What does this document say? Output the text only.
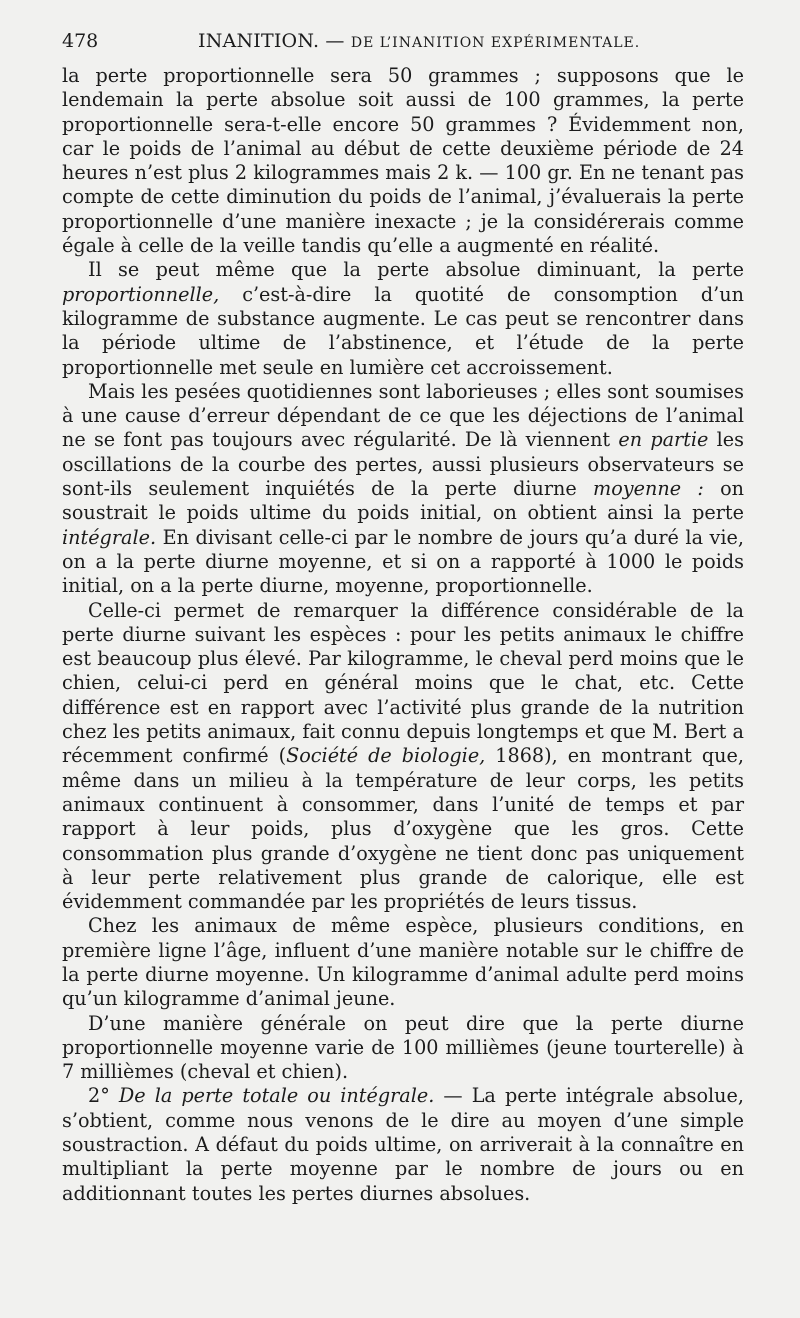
478	INANITION. — DE L’INANITION EXPÉRIMENTALE.

la perte proportionnelle sera 50 grammes ; supposons que le lendemain la perte absolue soit aussi de 100 grammes, la perte proportionnelle sera-t-elle encore 50 grammes ? Évidemment non, car le poids de l’animal au début de cette deuxième période de 24 heures n’est plus 2 kilogrammes mais 2 k. — 100 gr. En ne tenant pas compte de cette diminution du poids de l’animal, j’évaluerais la perte proportionnelle d’une manière inexacte ; je la considérerais comme égale à celle de la veille tandis qu’elle a augmenté en réalité.

Il se peut même que la perte absolue diminuant, la perte proportionnelle, c’est-à-dire la quotité de consomption d’un kilogramme de substance augmente. Le cas peut se rencontrer dans la période ultime de l’abstinence, et l’étude de la perte proportionnelle met seule en lumière cet accroissement.

Mais les pesées quotidiennes sont laborieuses ; elles sont soumises à une cause d’erreur dépendant de ce que les déjections de l’animal ne se font pas toujours avec régularité. De là viennent en partie les oscillations de la courbe des pertes, aussi plusieurs observateurs se sont-ils seulement inquiétés de la perte diurne moyenne : on soustrait le poids ultime du poids initial, on obtient ainsi la perte intégrale. En divisant celle-ci par le nombre de jours qu’a duré la vie, on a la perte diurne moyenne, et si on a rapporté à 1000 le poids initial, on a la perte diurne, moyenne, proportionnelle.

Celle-ci permet de remarquer la différence considérable de la perte diurne suivant les espèces : pour les petits animaux le chiffre est beaucoup plus élevé. Par kilogramme, le cheval perd moins que le chien, celui-ci perd en général moins que le chat, etc. Cette différence est en rapport avec l’activité plus grande de la nutrition chez les petits animaux, fait connu depuis longtemps et que M. Bert a récemment confirmé (Société de biologie, 1868), en montrant que, même dans un milieu à la température de leur corps, les petits animaux continuent à consommer, dans l’unité de temps et par rapport à leur poids, plus d’oxygène que les gros. Cette consommation plus grande d’oxygène ne tient donc pas uniquement à leur perte relativement plus grande de calorique, elle est évidemment commandée par les propriétés de leurs tissus.

Chez les animaux de même espèce, plusieurs conditions, en première ligne l’âge, influent d’une manière notable sur le chiffre de la perte diurne moyenne. Un kilogramme d’animal adulte perd moins qu’un kilogramme d’animal jeune.

D’une manière générale on peut dire que la perte diurne proportionnelle moyenne varie de 100 millièmes (jeune tourterelle) à 7 millièmes (cheval et chien).

2° De la perte totale ou intégrale. — La perte intégrale absolue, s’obtient, comme nous venons de le dire au moyen d’une simple soustraction. A défaut du poids ultime, on arriverait à la connaître en multipliant la perte moyenne par le nombre de jours ou en additionnant toutes les pertes diurnes absolues.
